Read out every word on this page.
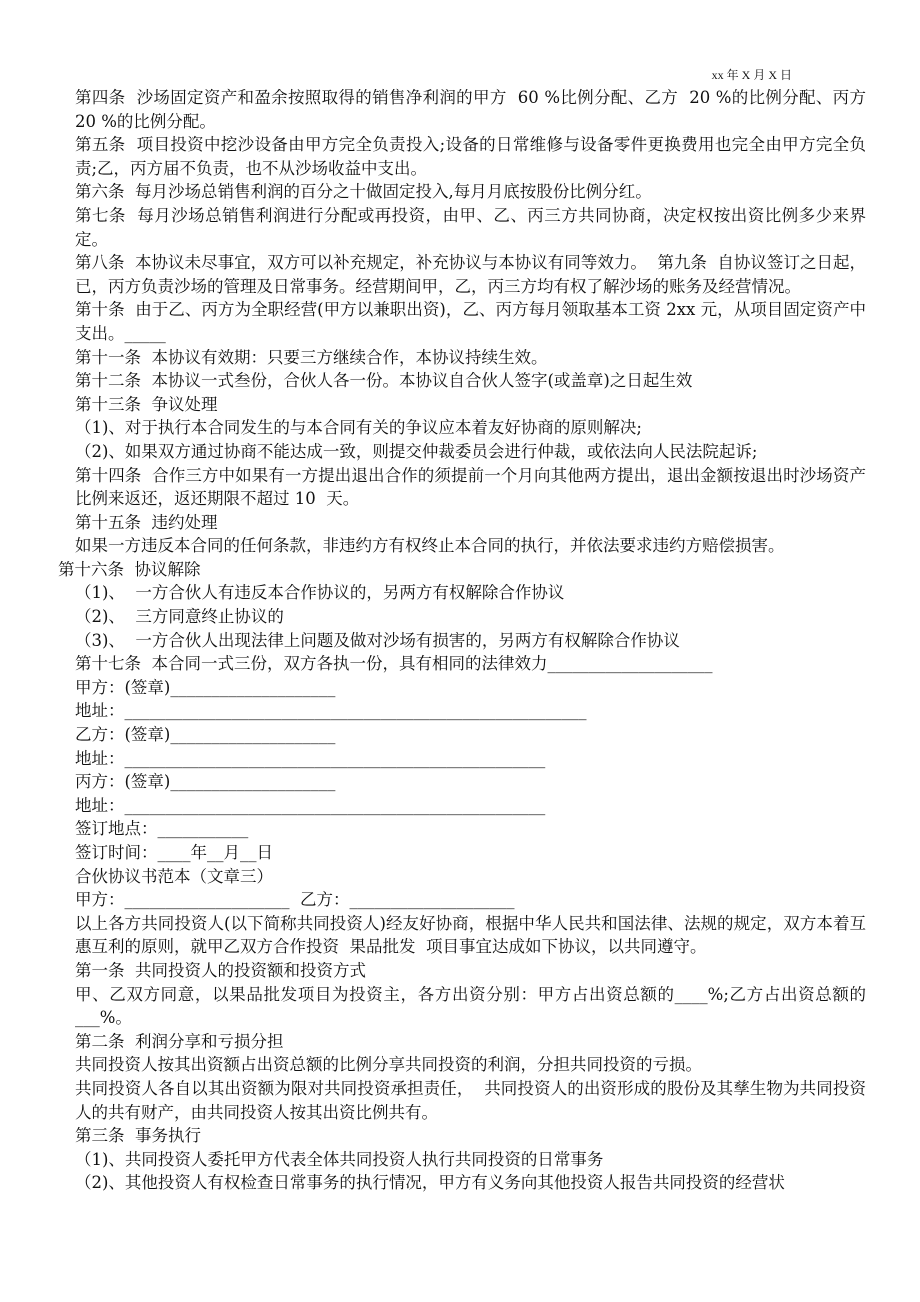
xx 年 X 月 X 日

第四条  沙场固定资产和盈余按照取得的销售净利润的甲方  60 %比例分配、乙方  20 %的比例分配、丙方  20 %的比例分配。

第五条  项目投资中挖沙设备由甲方完全负责投入;设备的日常维修与设备零件更换费用也完全由甲方完全负责;乙，丙方届不负责，也不从沙场收益中支出。

第六条  每月沙场总销售利润的百分之十做固定投入,每月月底按股份比例分红。

第七条  每月沙场总销售利润进行分配或再投资，由甲、乙、丙三方共同协商，决定权按出资比例多少来界定。

第八条  本协议未尽事宜，双方可以补充规定，补充协议与本协议有同等效力。  第九条  自协议签订之日起，已，丙方负责沙场的管理及日常事务。经营期间甲，乙，丙三方均有权了解沙场的账务及经营情况。

第十条  由于乙、丙方为全职经营(甲方以兼职出资)，乙、丙方每月领取基本工资 2xx 元，从项目固定资产中支出。_____

第十一条  本协议有效期：只要三方继续合作，本协议持续生效。

第十二条  本协议一式叁份，合伙人各一份。本协议自合伙人签字(或盖章)之日起生效

第十三条  争议处理

（1)、对于执行本合同发生的与本合同有关的争议应本着友好协商的原则解决;

（2)、如果双方通过协商不能达成一致，则提交仲裁委员会进行仲裁，或依法向人民法院起诉;

第十四条  合作三方中如果有一方提出退出合作的须提前一个月向其他两方提出，退出金额按退出时沙场资产比例来返还，返还期限不超过 10  天。

第十五条  违约处理

如果一方违反本合同的任何条款，非违约方有权终止本合同的执行，并依法要求违约方赔偿损害。

第十六条  协议解除

（1)、  一方合伙人有违反本合作协议的，另两方有权解除合作协议

（2)、  三方同意终止协议的

（3)、  一方合伙人出现法律上问题及做对沙场有损害的，另两方有权解除合作协议

第十七条  本合同一式三份，双方各执一份，具有相同的法律效力____________________

甲方：(签章)____________________

地址：________________________________________________________

乙方：(签章)____________________

地址：___________________________________________________

丙方：(签章)____________________

地址：___________________________________________________

签订地点：___________

签订时间：____年__月__日

合伙协议书范本（文章三）

甲方：____________________  乙方：____________________

以上各方共同投资人(以下简称共同投资人)经友好协商，根据中华人民共和国法律、法规的规定，双方本着互惠互利的原则，就甲乙双方合作投资  果品批发  项目事宜达成如下协议，以共同遵守。

第一条  共同投资人的投资额和投资方式

甲、乙双方同意，以果品批发项目为投资主，各方出资分别：甲方占出资总额的____%;乙方占出资总额的___%。

第二条  利润分享和亏损分担

共同投资人按其出资额占出资总额的比例分享共同投资的利润，分担共同投资的亏损。

共同投资人各自以其出资额为限对共同投资承担责任，  共同投资人的出资形成的股份及其孳生物为共同投资人的共有财产，由共同投资人按其出资比例共有。

第三条  事务执行

（1)、共同投资人委托甲方代表全体共同投资人执行共同投资的日常事务

（2)、其他投资人有权检查日常事务的执行情况，甲方有义务向其他投资人报告共同投资的经营状
